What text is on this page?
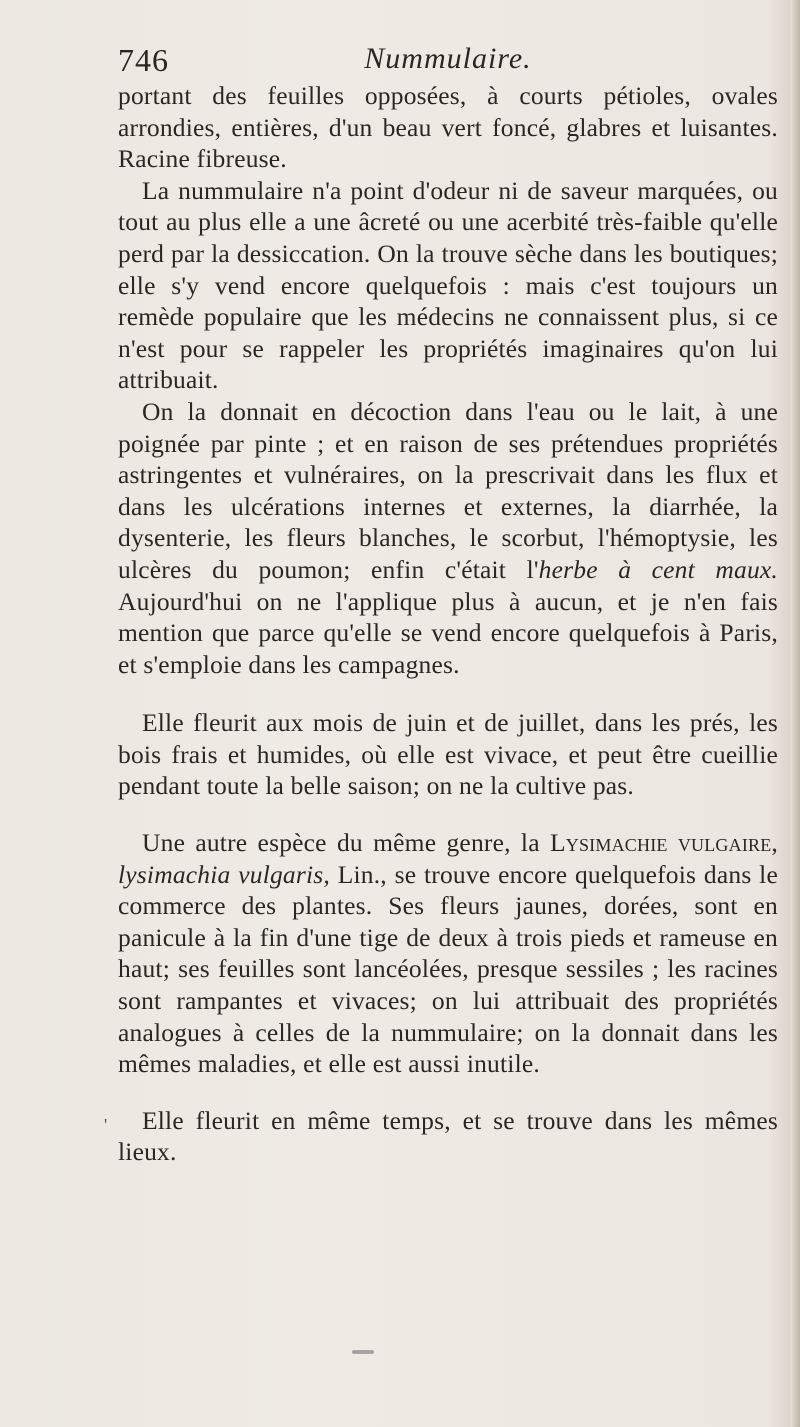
746	Nummulaire.

portant des feuilles opposées, à courts pétioles, ovales arrondies, entières, d'un beau vert foncé, glabres et luisantes. Racine fibreuse.

La nummulaire n'a point d'odeur ni de saveur marquées, ou tout au plus elle a une âcreté ou une acerbité très-faible qu'elle perd par la dessiccation. On la trouve sèche dans les boutiques; elle s'y vend encore quelquefois : mais c'est toujours un remède populaire que les médecins ne connaissent plus, si ce n'est pour se rappeler les propriétés imaginaires qu'on lui attribuait.

On la donnait en décoction dans l'eau ou le lait, à une poignée par pinte ; et en raison de ses prétendues propriétés astringentes et vulnéraires, on la prescrivait dans les flux et dans les ulcérations internes et externes, la diarrhée, la dysenterie, les fleurs blanches, le scorbut, l'hémoptysie, les ulcères du poumon; enfin c'était l'herbe à cent maux. Aujourd'hui on ne l'applique plus à aucun, et je n'en fais mention que parce qu'elle se vend encore quelquefois à Paris, et s'emploie dans les campagnes.

Elle fleurit aux mois de juin et de juillet, dans les prés, les bois frais et humides, où elle est vivace, et peut être cueillie pendant toute la belle saison; on ne la cultive pas.

Une autre espèce du même genre, la Lysimachie vulgaire, lysimachia vulgaris, Lin., se trouve encore quelquefois dans le commerce des plantes. Ses fleurs jaunes, dorées, sont en panicule à la fin d'une tige de deux à trois pieds et rameuse en haut; ses feuilles sont lancéolées, presque sessiles ; les racines sont rampantes et vivaces; on lui attribuait des propriétés analogues à celles de la nummulaire; on la donnait dans les mêmes maladies, et elle est aussi inutile.

Elle fleurit en même temps, et se trouve dans les mêmes lieux.

'
